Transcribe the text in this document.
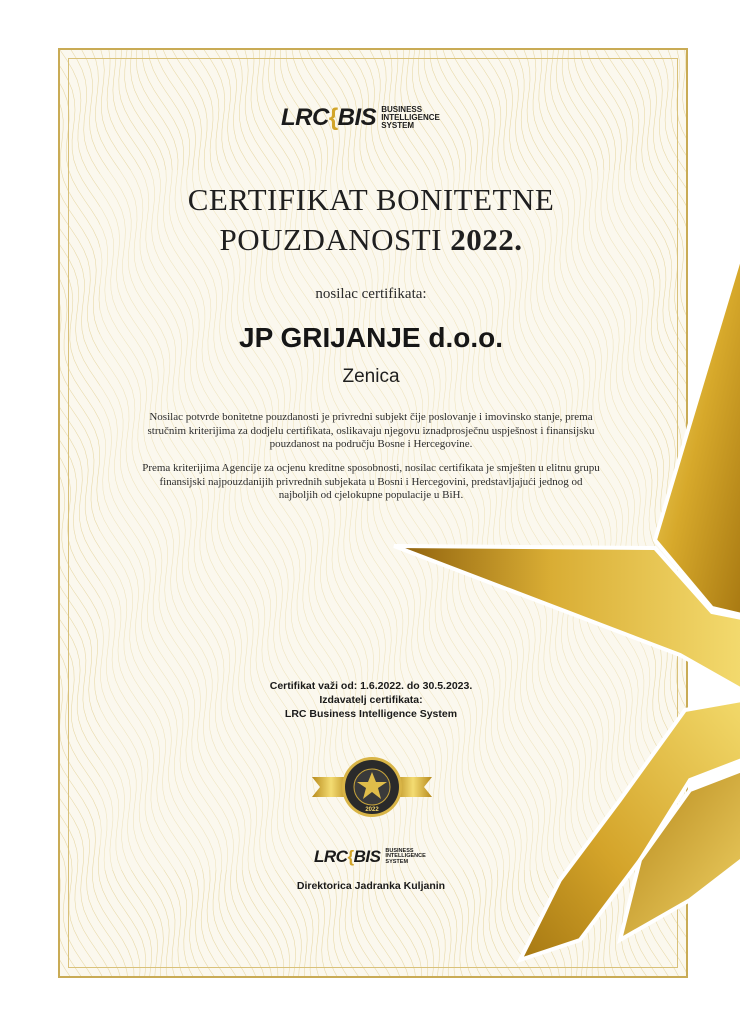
LRC{BIS BUSINESS
INTELLIGENCE
SYSTEM
CERTIFIKAT BONITETNE
POUZDANOSTI 2022.
nosilac certifikata:
JP GRIJANJE d.o.o.
Zenica
Nosilac potvrde bonitetne pouzdanosti je privredni subjekt čije poslovanje i imovinsko stanje, prema stručnim kriterijima za dodjelu certifikata, oslikavaju njegovu iznadprosječnu uspješnost i finansijsku pouzdanost na području Bosne i Hercegovine.
Prema kriterijima Agencije za ocjenu kreditne sposobnosti, nosilac certifikata je smješten u elitnu grupu finansijski najpouzdanijih privrednih subjekata u Bosni i Hercegovini, predstavljajući jednog od najboljih od cjelokupne populacije u BiH.
Certifikat važi od: 1.6.2022. do 30.5.2023.
Izdavatelj certifikata:
LRC Business Intelligence System
2022
LRC{BIS BUSINESS
INTELLIGENCE
SYSTEM
Direktorica Jadranka Kuljanin
